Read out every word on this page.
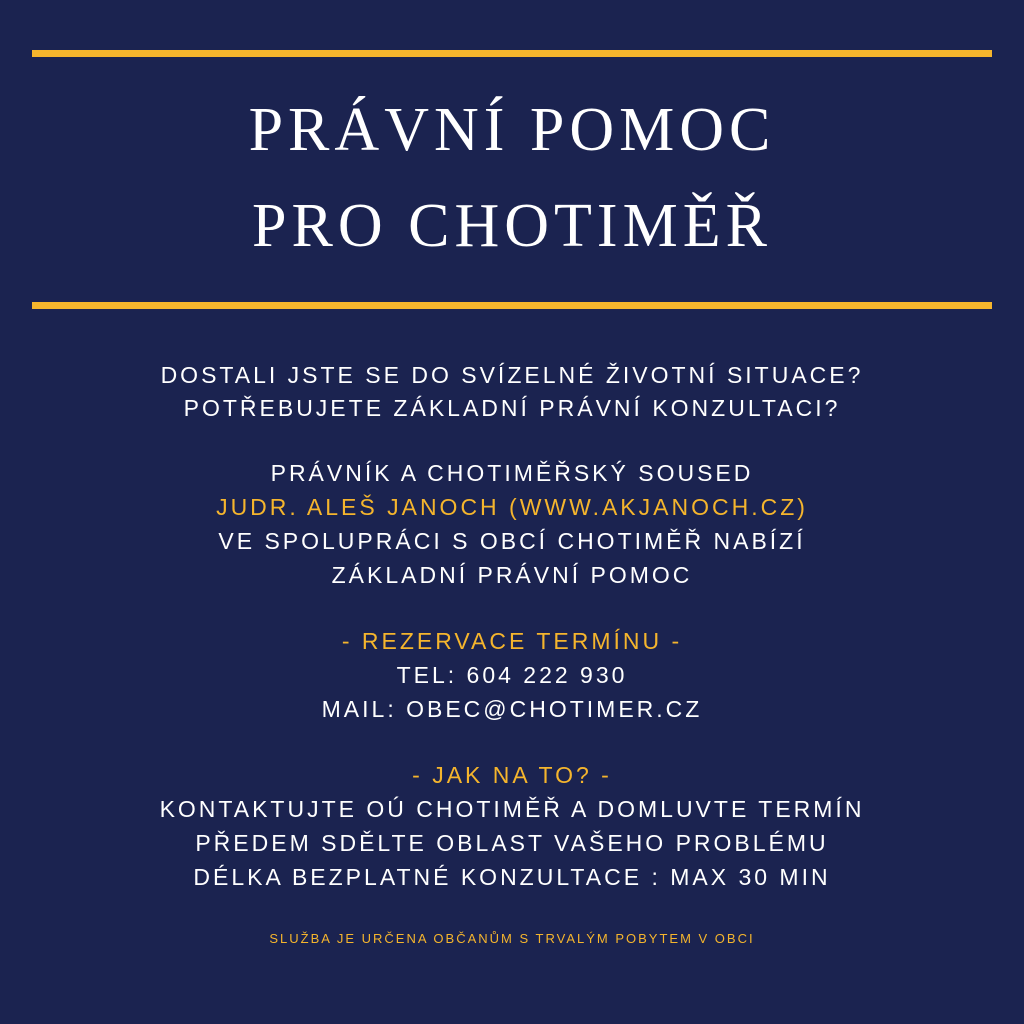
PRÁVNÍ POMOC
PRO CHOTIMĚŘ
DOSTALI JSTE SE DO SVÍZELNÉ ŽIVOTNÍ SITUACE?
POTŘEBUJETE ZÁKLADNÍ PRÁVNÍ KONZULTACI?
PRÁVNÍK A CHOTIMĚŘSKÝ SOUSED
JUDR. ALEŠ JANOCH (WWW.AKJANOCH.CZ)
VE SPOLUPRÁCI S OBCÍ CHOTIMĚŘ NABÍZÍ
ZÁKLADNÍ PRÁVNÍ POMOC
- REZERVACE TERMÍNU -
TEL: 604 222 930
MAIL: OBEC@CHOTIMER.CZ
- JAK NA TO? -
KONTAKTUJTE OÚ CHOTIMĚŘ A DOMLUVTE TERMÍN
PŘEDEM SDĚLTE OBLAST VAŠEHO PROBLÉMU
DÉLKA BEZPLATNÉ KONZULTACE : MAX 30 MIN
SLUŽBA JE URČENA OBČANŮM S TRVALÝM POBYTEM V OBCI
